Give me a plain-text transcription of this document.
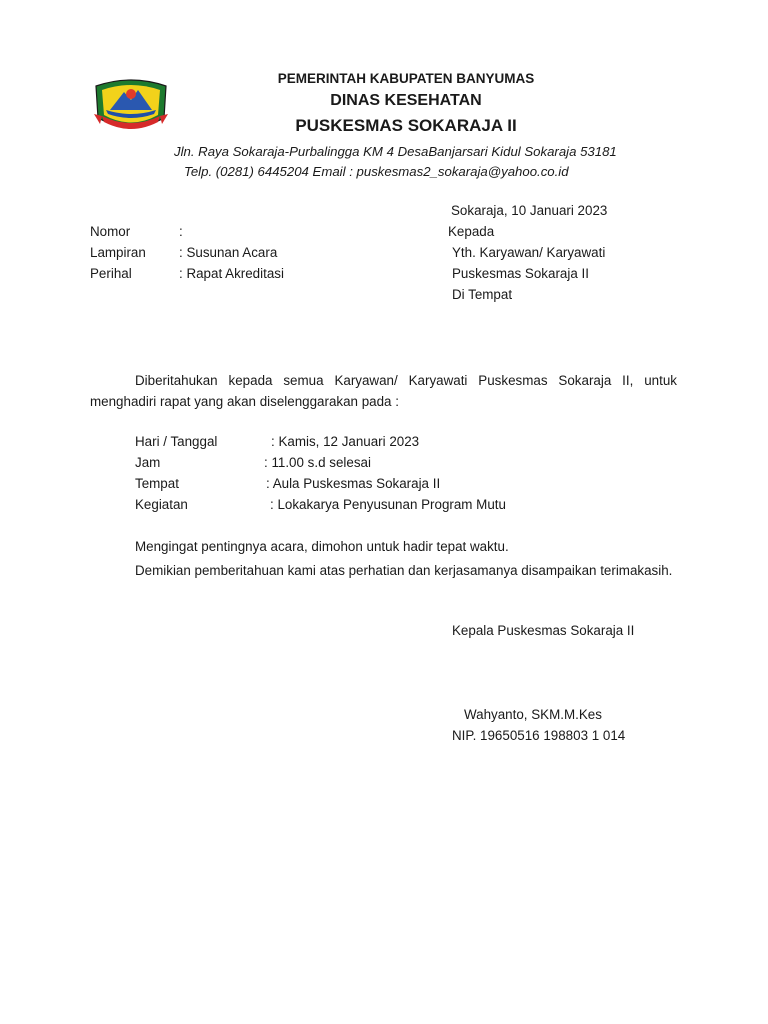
PEMERINTAH KABUPATEN BANYUMAS
DINAS KESEHATAN
PUSKESMAS SOKARAJA II
Jln. Raya Sokaraja-Purbalingga KM 4 DesaBanjarsari Kidul Sokaraja 53181
Telp. (0281) 6445204 Email : puskesmas2_sokaraja@yahoo.co.id
Sokaraja, 10 Januari 2023
Nomor	:
Lampiran : Susunan Acara
Perihal	: Rapat Akreditasi
Kepada
Yth. Karyawan/ Karyawati
Puskesmas Sokaraja II
Di Tempat
Diberitahukan kepada semua Karyawan/ Karyawati Puskesmas Sokaraja II, untuk menghadiri rapat yang akan diselenggarakan pada :
Hari / Tanggal	: Kamis, 12 Januari 2023
Jam	: 11.00 s.d selesai
Tempat	: Aula Puskesmas Sokaraja II
Kegiatan	: Lokakarya Penyusunan Program Mutu
Mengingat pentingnya acara, dimohon untuk hadir tepat waktu.
Demikian pemberitahuan kami atas perhatian dan kerjasamanya disampaikan terimakasih.
Kepala Puskesmas Sokaraja II
Wahyanto, SKM.M.Kes
NIP. 19650516 198803 1 014
